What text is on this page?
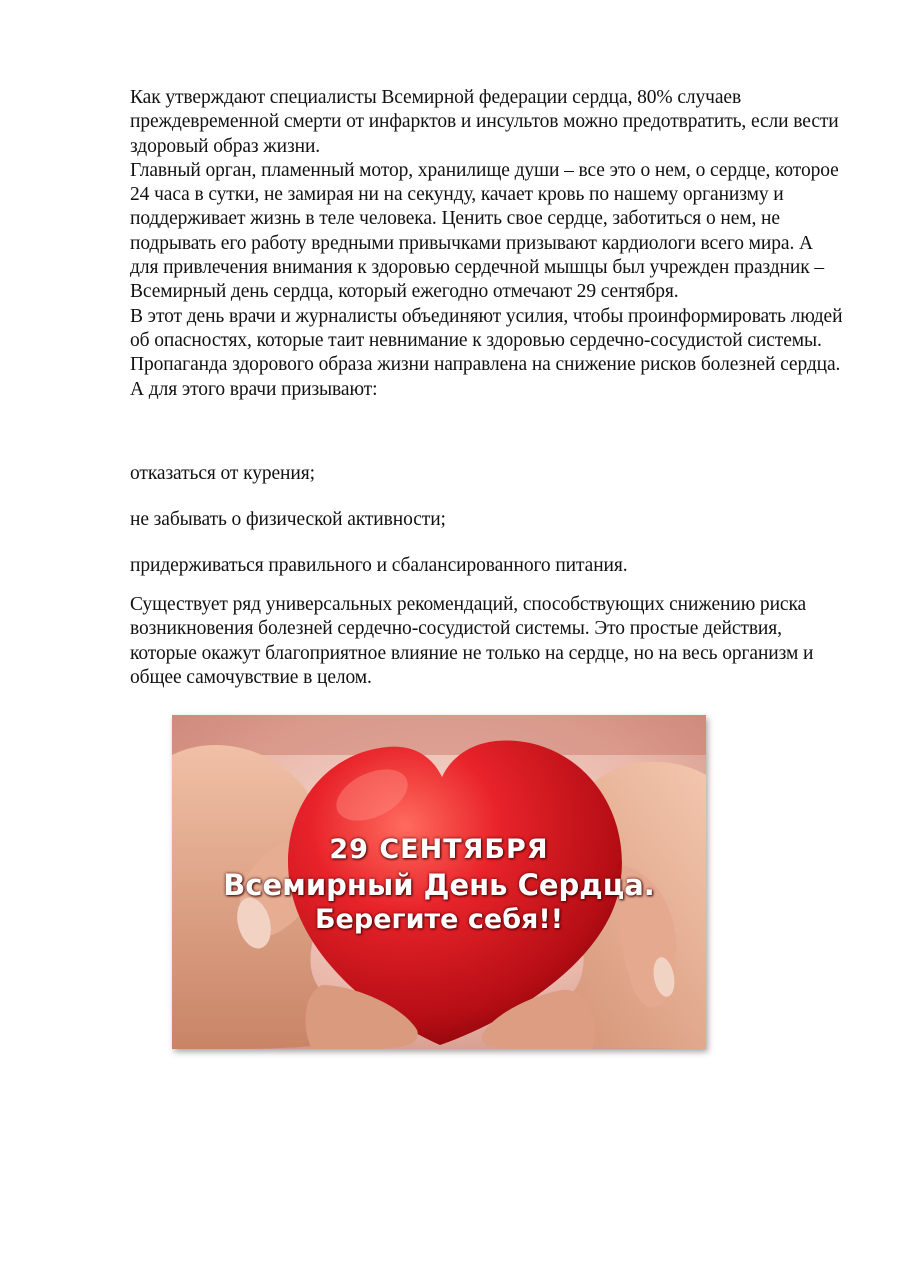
Как утверждают специалисты Всемирной федерации сердца, 80% случаев преждевременной смерти от инфарктов и инсультов можно предотвратить, если вести здоровый образ жизни.

Главный орган, пламенный мотор, хранилище души – все это о нем, о сердце, которое 24 часа в сутки, не замирая ни на секунду, качает кровь по нашему организму и поддерживает жизнь в теле человека. Ценить свое сердце, заботиться о нем, не подрывать его работу вредными привычками призывают кардиологи всего мира. А для привлечения внимания к здоровью сердечной мышцы был учрежден праздник – Всемирный день сердца, который ежегодно отмечают 29 сентября.

В этот день врачи и журналисты объединяют усилия, чтобы проинформировать людей об опасностях, которые таит невнимание к здоровью сердечно-сосудистой системы. Пропаганда здорового образа жизни направлена на снижение рисков болезней сердца. А для этого врачи призывают:

отказаться от курения;
не забывать о физической активности;
придерживаться правильного и сбалансированного питания.
Существует ряд универсальных рекомендаций, способствующих снижению риска возникновения болезней сердечно-сосудистой системы. Это простые действия, которые окажут благоприятное влияние не только на сердце, но на весь организм и общее самочувствие в целом.
29 СЕНТЯБРЯ
Всемирный День Сердца.
Берегите себя!!
